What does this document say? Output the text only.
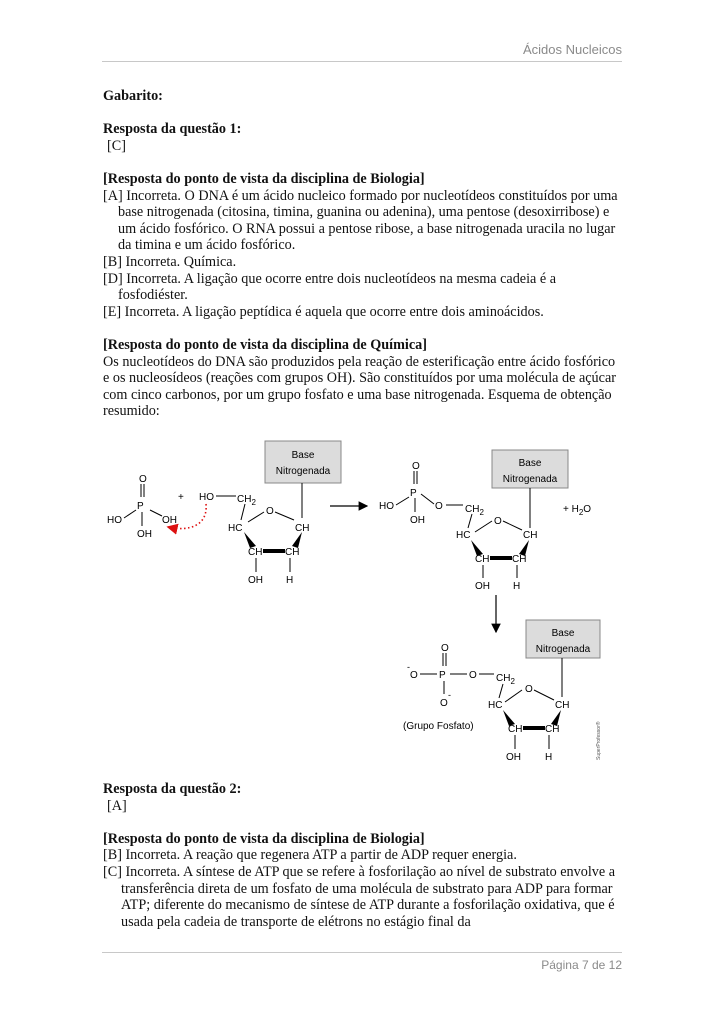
Ácidos Nucleicos
Gabarito:
Resposta da questão 1:
[C]
[Resposta do ponto de vista da disciplina de Biologia]
[A] Incorreta. O DNA é um ácido nucleico formado por nucleotídeos constituídos por uma base nitrogenada (citosina, timina, guanina ou adenina), uma pentose (desoxirribose) e um ácido fosfórico. O RNA possui a pentose ribose, a base nitrogenada uracila no lugar da timina e um ácido fosfórico.
[B] Incorreta. Química.
[D] Incorreta. A ligação que ocorre entre dois nucleotídeos na mesma cadeia é a fosfodiéster.
[E] Incorreta. A ligação peptídica é aquela que ocorre entre dois aminoácidos.
[Resposta do ponto de vista da disciplina de Química]
Os nucleotídeos do DNA são produzidos pela reação de esterificação entre ácido fosfórico e os nucleosídeos (reações com grupos OH). São constituídos por uma molécula de açúcar com cinco carbonos, por um grupo fosfato e uma base nitrogenada. Esquema de obtenção resumido:
O
P
HO	OH
OH
+
Base
Nitrogenada
HO $CH_2$
O
HC	CH
CH CH
OH H
O
P
HO
OH
O $CH_2$
Base
Nitrogenada
+ $H_2O$
O
HC	CH
CH CH
OH H
Base
Nitrogenada
O
P
-
O	O $CH_2$
O
-	O
HC	CH
(Grupo Fosfato)	CH CH
OH H	SuperProfessor®
Resposta da questão 2:
[A]
[Resposta do ponto de vista da disciplina de Biologia]
[B] Incorreta. A reação que regenera ATP a partir de ADP requer energia.
[C] Incorreta. A síntese de ATP que se refere à fosforilação ao nível de substrato envolve a transferência direta de um fosfato de uma molécula de substrato para ADP para formar ATP; diferente do mecanismo de síntese de ATP durante a fosforilação oxidativa, que é usada pela cadeia de transporte de elétrons no estágio final da
Página 7 de 12
